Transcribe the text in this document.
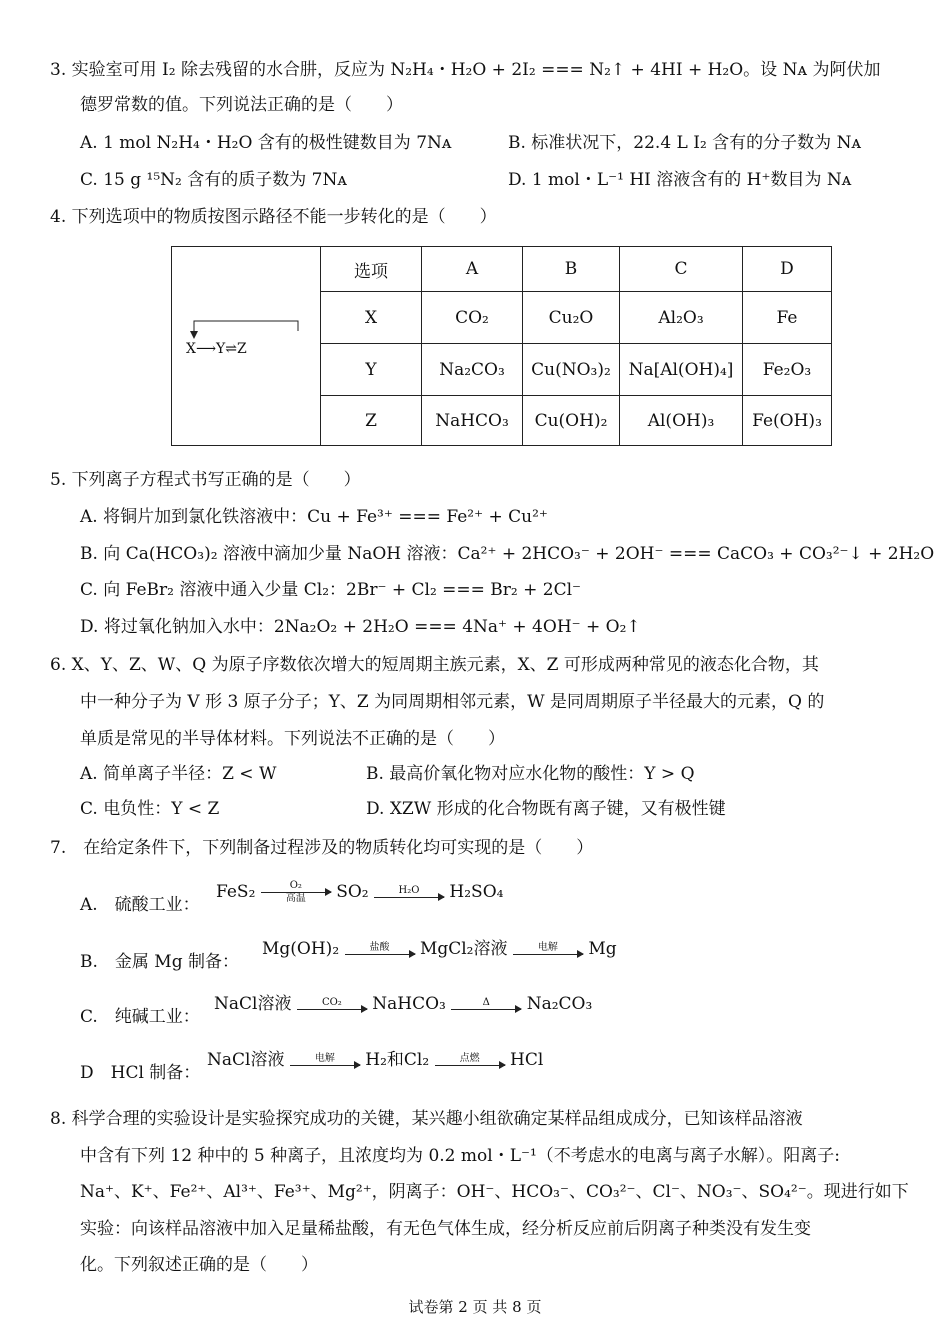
3. 实验室可用 I₂ 除去残留的水合肼，反应为 N₂H₄・H₂O + 2I₂ === N₂↑ + 4HI + H₂O。设 Nᴀ 为阿伏加
德罗常数的值。下列说法正确的是（　　）
A. 1 mol N₂H₄・H₂O 含有的极性键数目为 7Nᴀ	B. 标准状况下，22.4 L I₂ 含有的分子数为 Nᴀ
C. 15 g ¹⁵N₂ 含有的质子数为 7Nᴀ	D. 1 mol・L⁻¹ HI 溶液含有的 H⁺数目为 Nᴀ
4. 下列选项中的物质按图示路径不能一步转化的是（　　）
X⟶Y⇌Z	选项	A	B	C	D
	X	CO₂	Cu₂O	Al₂O₃	Fe
	Y	Na₂CO₃	Cu(NO₃)₂	Na[Al(OH)₄]	Fe₂O₃
	Z	NaHCO₃	Cu(OH)₂	Al(OH)₃	Fe(OH)₃
5. 下列离子方程式书写正确的是（　　）
A. 将铜片加到氯化铁溶液中：Cu + Fe³⁺ === Fe²⁺ + Cu²⁺
B. 向 Ca(HCO₃)₂ 溶液中滴加少量 NaOH 溶液：Ca²⁺ + 2HCO₃⁻ + 2OH⁻ === CaCO₃ + CO₃²⁻↓ + 2H₂O
C. 向 FeBr₂ 溶液中通入少量 Cl₂：2Br⁻ + Cl₂ === Br₂ + 2Cl⁻
D. 将过氧化钠加入水中：2Na₂O₂ + 2H₂O === 4Na⁺ + 4OH⁻ + O₂↑
6. X、Y、Z、W、Q 为原子序数依次增大的短周期主族元素，X、Z 可形成两种常见的液态化合物，其
中一种分子为 V 形 3 原子分子；Y、Z 为同周期相邻元素，W 是同周期原子半径最大的元素，Q 的
单质是常见的半导体材料。下列说法不正确的是（　　）
A. 简单离子半径：Z < W	B. 最高价氧化物对应水化物的酸性：Y > Q
C. 电负性：Y < Z	D. XZW 形成的化合物既有离子键，又有极性键
7.　在给定条件下，下列制备过程涉及的物质转化均可实现的是（　　）
A.　硫酸工业：
FeS₂	O₂
高温	SO₂	H₂O	H₂SO₄
B.　金属 Mg 制备：
Mg(OH)₂	盐酸	MgCl₂溶液	电解	Mg
C.　纯碱工业：
NaCl溶液	CO₂	NaHCO₃	Δ	Na₂CO₃
D　HCl 制备：
NaCl溶液	电解	H₂和Cl₂	点燃	HCl
8. 科学合理的实验设计是实验探究成功的关键，某兴趣小组欲确定某样品组成成分，已知该样品溶液
中含有下列 12 种中的 5 种离子，且浓度均为 0.2 mol・L⁻¹（不考虑水的电离与离子水解）。阳离子:
Na⁺、K⁺、Fe²⁺、Al³⁺、Fe³⁺、Mg²⁺，阴离子：OH⁻、HCO₃⁻、CO₃²⁻、Cl⁻、NO₃⁻、SO₄²⁻。现进行如下
实验：向该样品溶液中加入足量稀盐酸，有无色气体生成，经分析反应前后阴离子种类没有发生变
化。下列叙述正确的是（　　）
试卷第 2 页 共 8 页
